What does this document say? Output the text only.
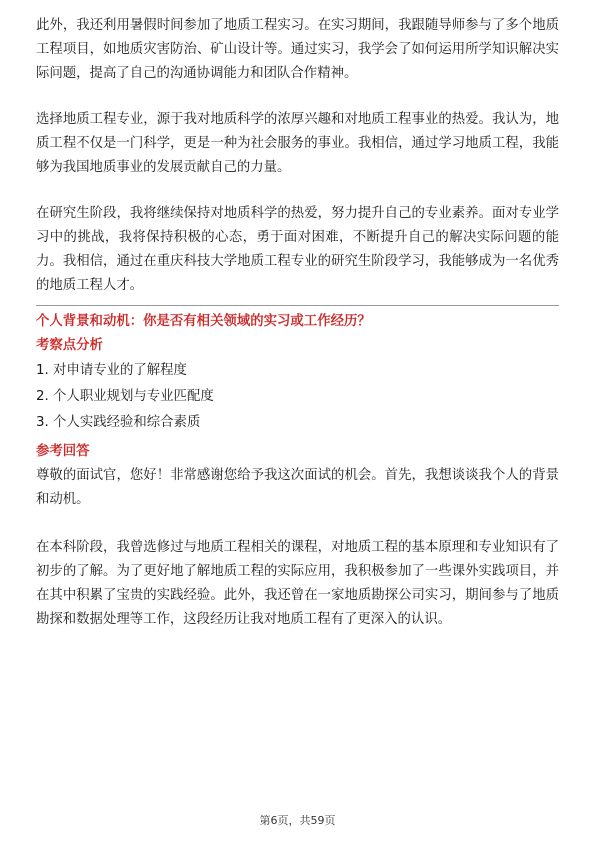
此外，我还利用暑假时间参加了地质工程实习。在实习期间，我跟随导师参与了多个地质工程项目，如地质灾害防治、矿山设计等。通过实习，我学会了如何运用所学知识解决实际问题，提高了自己的沟通协调能力和团队合作精神。

选择地质工程专业，源于我对地质科学的浓厚兴趣和对地质工程事业的热爱。我认为，地质工程不仅是一门科学，更是一种为社会服务的事业。我相信，通过学习地质工程，我能够为我国地质事业的发展贡献自己的力量。

在研究生阶段，我将继续保持对地质科学的热爱，努力提升自己的专业素养。面对专业学习中的挑战，我将保持积极的心态，勇于面对困难，不断提升自己的解决实际问题的能力。我相信，通过在重庆科技大学地质工程专业的研究生阶段学习，我能够成为一名优秀的地质工程人才。

个人背景和动机：你是否有相关领域的实习或工作经历？

考察点分析

1. 对申请专业的了解程度
2. 个人职业规划与专业匹配度
3. 个人实践经验和综合素质

参考回答

尊敬的面试官，您好！非常感谢您给予我这次面试的机会。首先，我想谈谈我个人的背景和动机。

在本科阶段，我曾选修过与地质工程相关的课程，对地质工程的基本原理和专业知识有了初步的了解。为了更好地了解地质工程的实际应用，我积极参加了一些课外实践项目，并在其中积累了宝贵的实践经验。此外，我还曾在一家地质勘探公司实习，期间参与了地质勘探和数据处理等工作，这段经历让我对地质工程有了更深入的认识。

第6页，共59页
